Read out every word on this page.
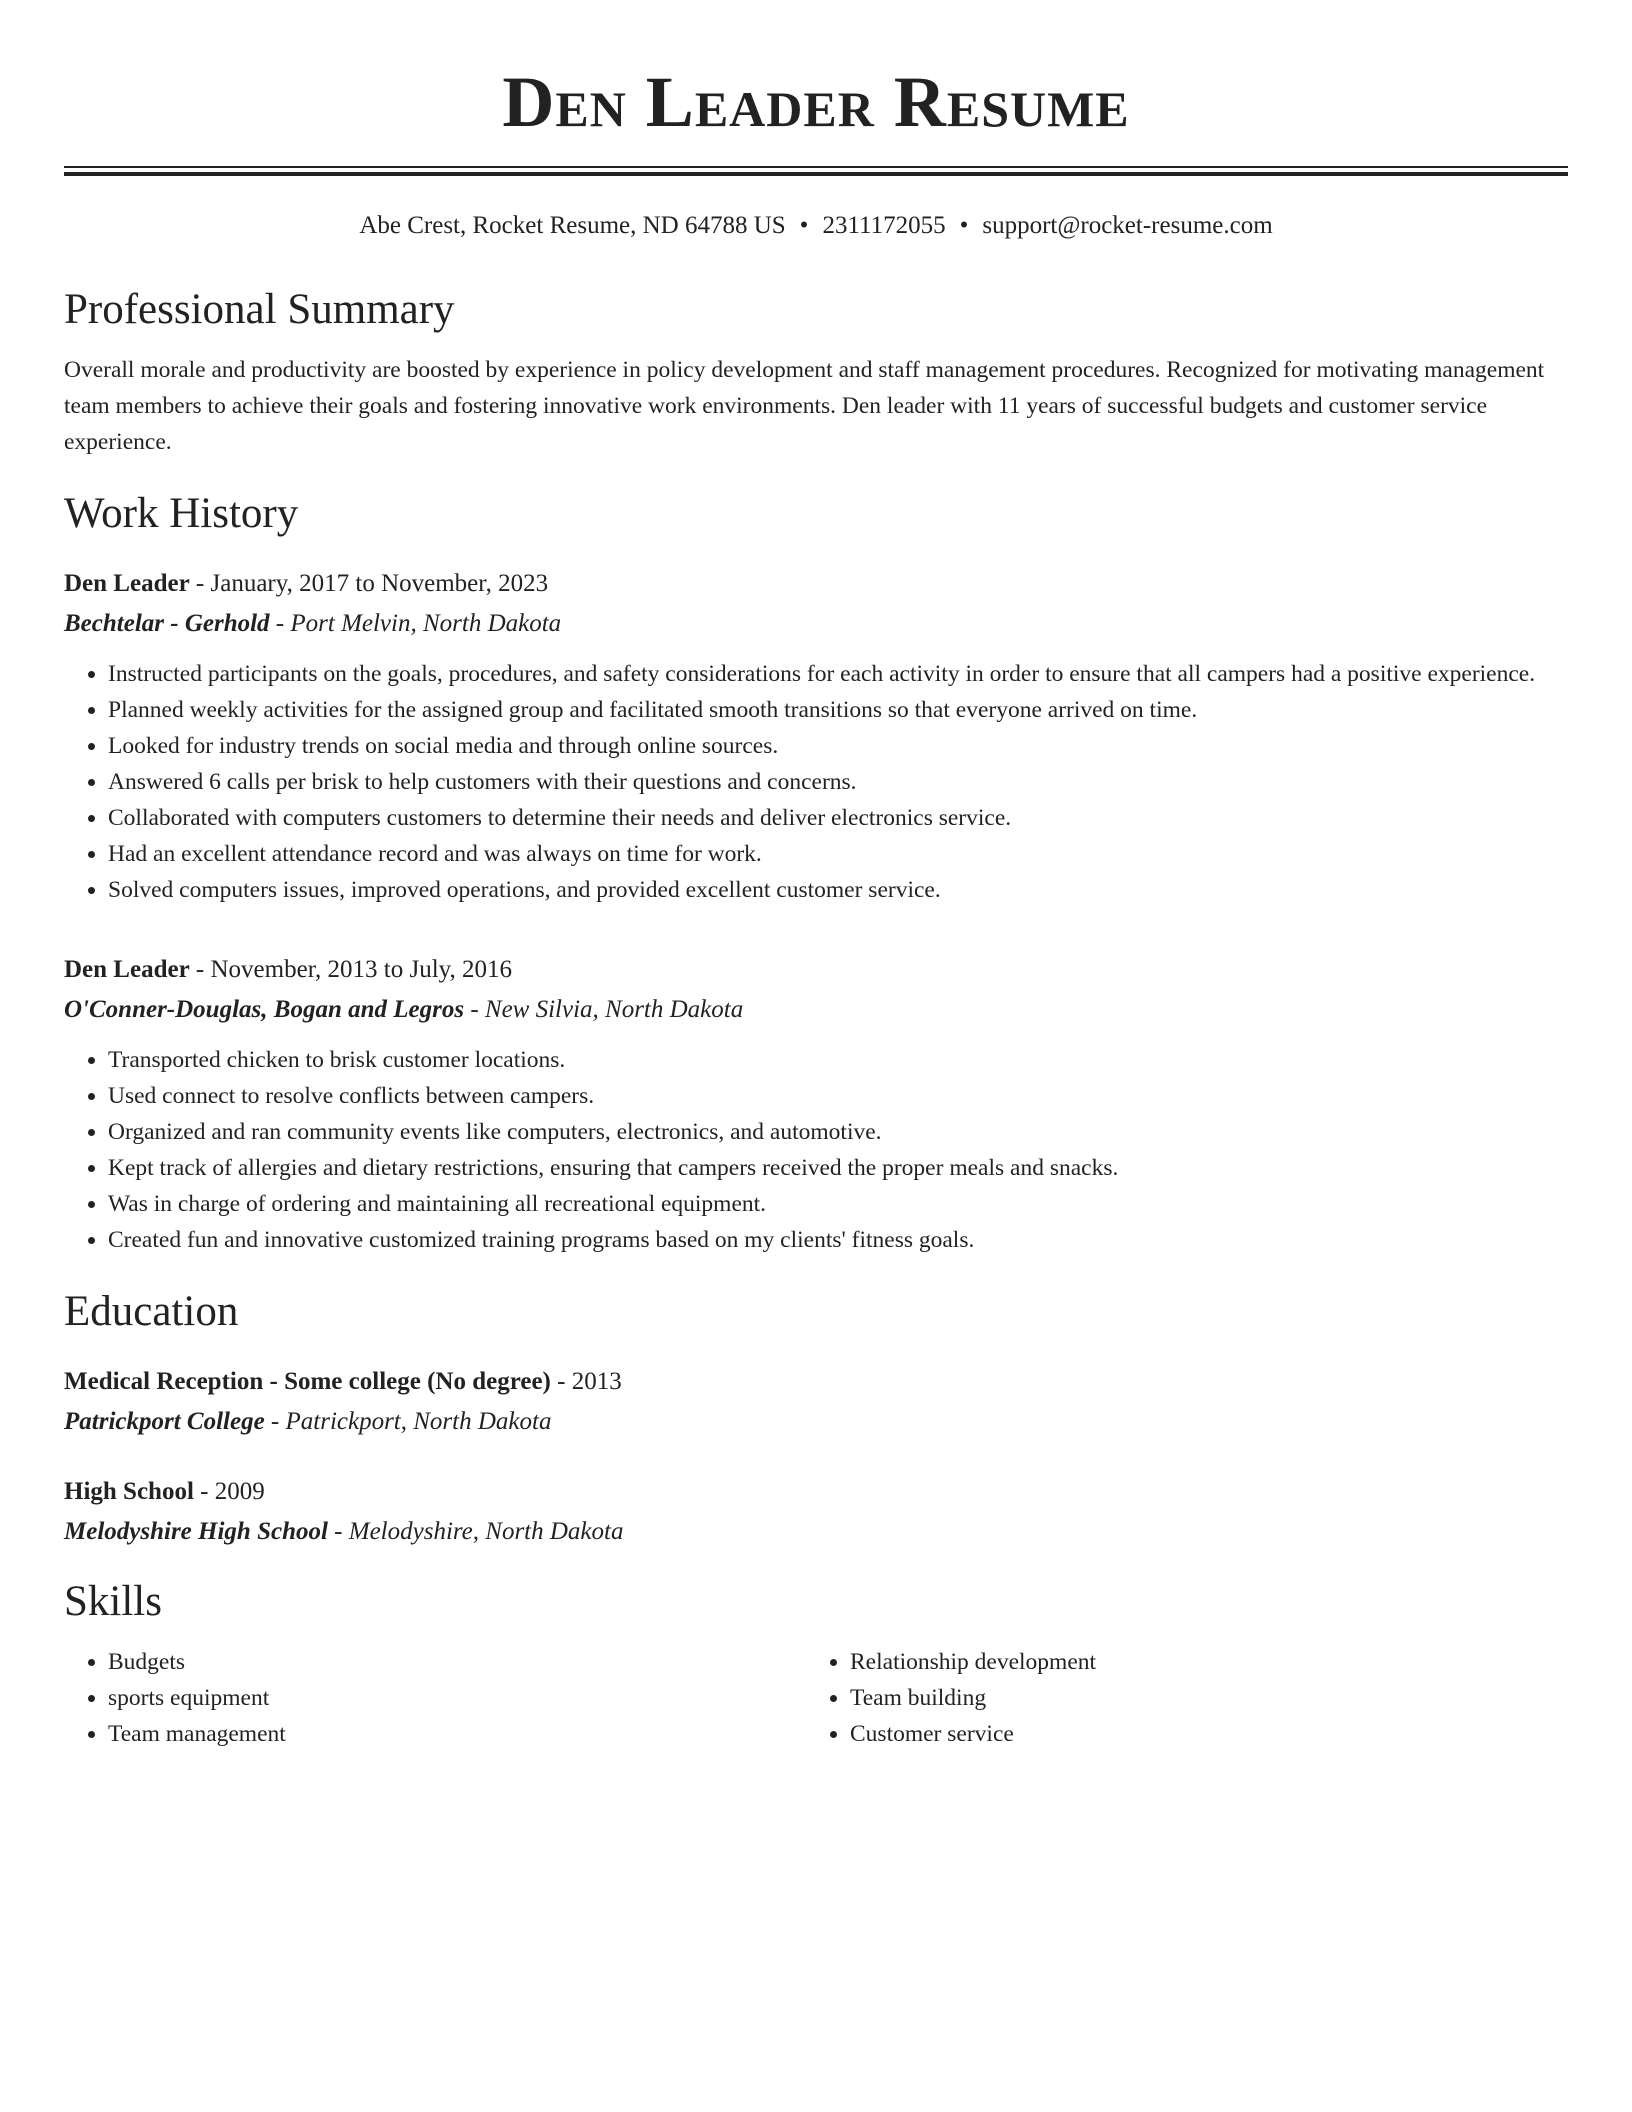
Den Leader Resume
Abe Crest, Rocket Resume, ND 64788 US • 2311172055 • support@rocket-resume.com
Professional Summary
Overall morale and productivity are boosted by experience in policy development and staff management procedures. Recognized for motivating management team members to achieve their goals and fostering innovative work environments. Den leader with 11 years of successful budgets and customer service experience.
Work History
Den Leader - January, 2017 to November, 2023
Bechtelar - Gerhold - Port Melvin, North Dakota
• Instructed participants on the goals, procedures, and safety considerations for each activity in order to ensure that all campers had a positive experience.
• Planned weekly activities for the assigned group and facilitated smooth transitions so that everyone arrived on time.
• Looked for industry trends on social media and through online sources.
• Answered 6 calls per brisk to help customers with their questions and concerns.
• Collaborated with computers customers to determine their needs and deliver electronics service.
• Had an excellent attendance record and was always on time for work.
• Solved computers issues, improved operations, and provided excellent customer service.
Den Leader - November, 2013 to July, 2016
O'Conner-Douglas, Bogan and Legros - New Silvia, North Dakota
• Transported chicken to brisk customer locations.
• Used connect to resolve conflicts between campers.
• Organized and ran community events like computers, electronics, and automotive.
• Kept track of allergies and dietary restrictions, ensuring that campers received the proper meals and snacks.
• Was in charge of ordering and maintaining all recreational equipment.
• Created fun and innovative customized training programs based on my clients' fitness goals.
Education
Medical Reception - Some college (No degree) - 2013
Patrickport College - Patrickport, North Dakota
High School - 2009
Melodyshire High School - Melodyshire, North Dakota
Skills
• Budgets
• sports equipment
• Team management
• Relationship development
• Team building
• Customer service
